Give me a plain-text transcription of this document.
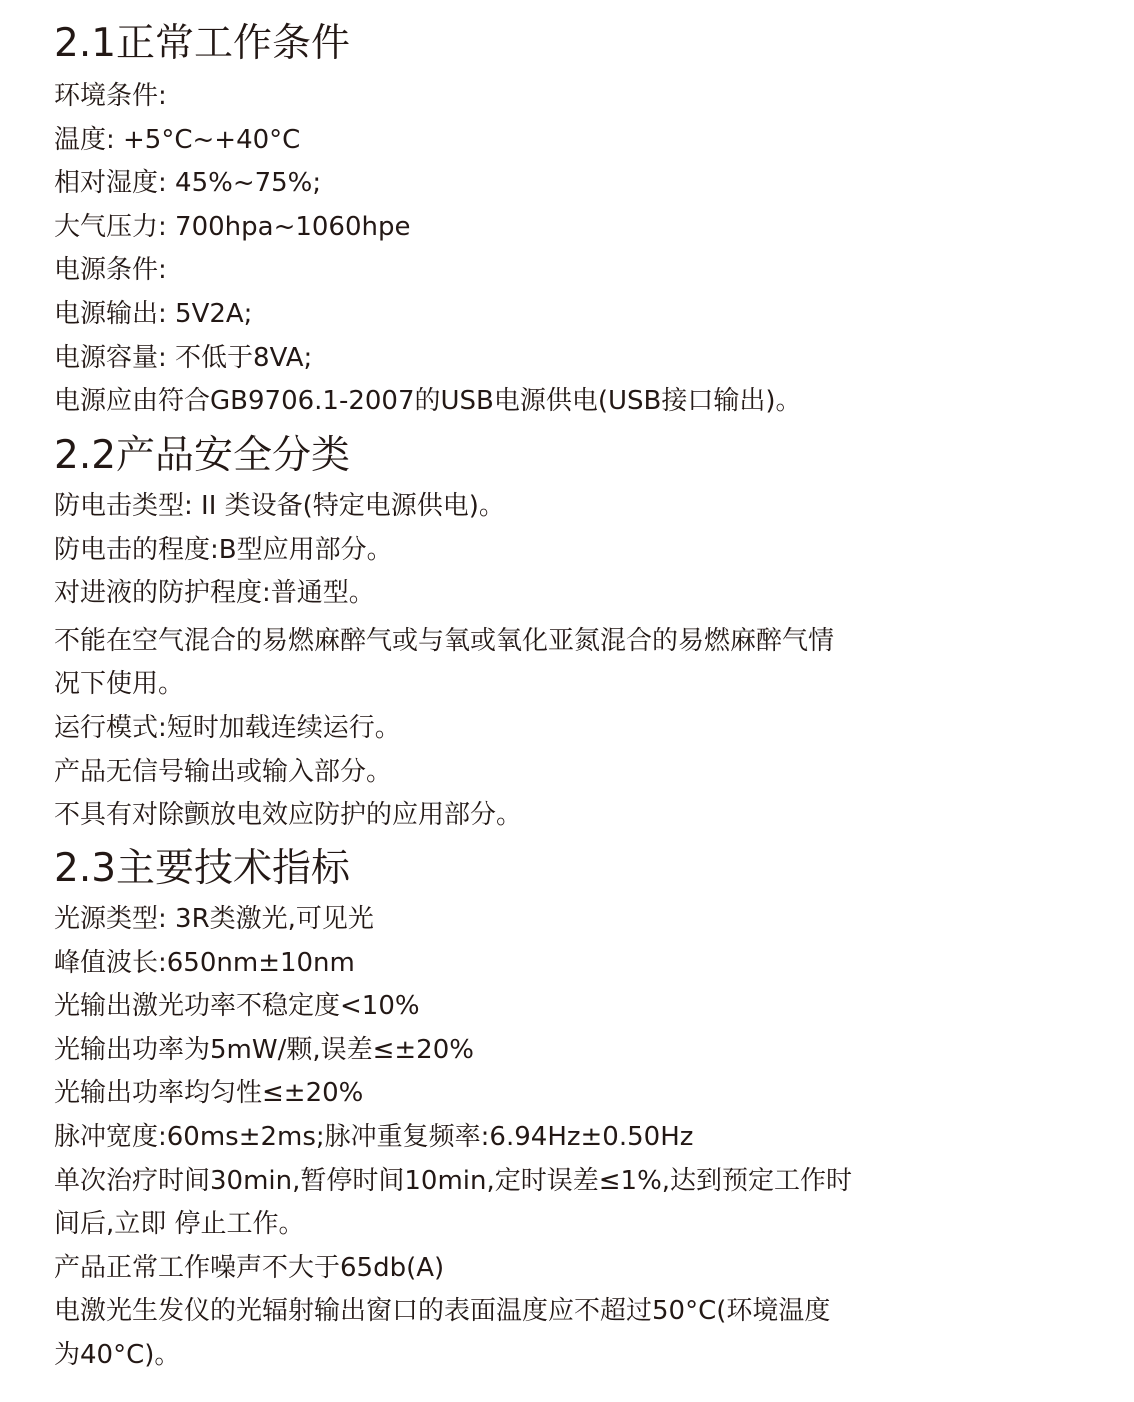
2.1正常工作条件

环境条件:

温度: +5°C~+40°C

相对湿度: 45%~75%;

大气压力: 700hpa~1060hpe

电源条件:

电源输出: 5V2A;

电源容量: 不低于8VA;

电源应由符合GB9706.1-2007的USB电源供电(USB接口输出)。

2.2产品安全分类

防电击类型: II 类设备(特定电源供电)。

防电击的程度:B型应用部分。

对进液的防护程度:普通型。

不能在空气混合的易燃麻醉气或与氧或氧化亚氮混合的易燃麻醉气情

况下使用。

运行模式:短时加载连续运行。

产品无信号输出或输入部分。

不具有对除颤放电效应防护的应用部分。

2.3主要技术指标

光源类型: 3R类激光,可见光

峰值波长:650nm±10nm

光输出激光功率不稳定度<10%

光输出功率为5mW/颗,误差≤±20%

光输出功率均匀性≤±20%

脉冲宽度:60ms±2ms;脉冲重复频率:6.94Hz±0.50Hz

单次治疗时间30min,暂停时间10min,定时误差≤1%,达到预定工作时

间后,立即 停止工作。

产品正常工作噪声不大于65db(A)

电激光生发仪的光辐射输出窗口的表面温度应不超过50°C(环境温度

为40°C)。
